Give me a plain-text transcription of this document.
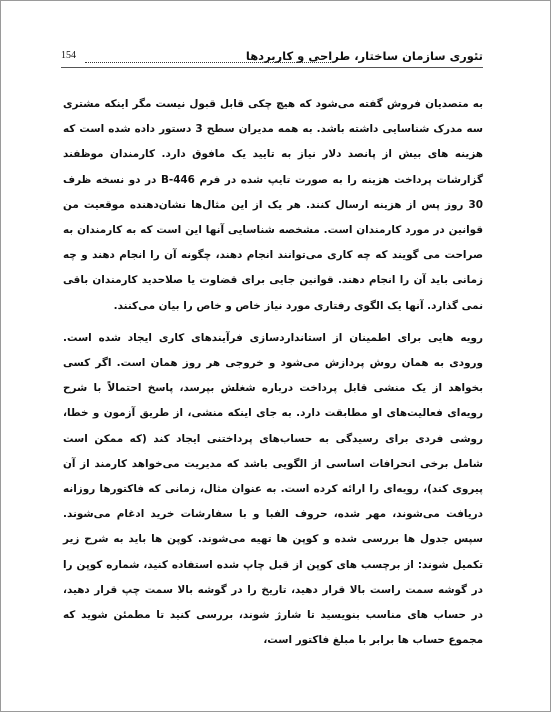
تئوری سازمان ساختار، طراحی و کاربردها
154

به متصدیان فروش گفته می‌شود که هیچ چکی قابل قبول نیست مگر اینکه مشتری سه مدرک شناسایی داشته باشد. به همه مدیران سطح 3 دستور داده شده است که هزینه های بیش از پانصد دلار نیاز به تایید یک مافوق دارد. کارمندان موظفند گزارشات پرداخت هزینه را به صورت تایپ شده در فرم B-446 در دو نسخه ظرف 30 روز پس از هزینه ارسال کنند. هر یک از این مثال‌ها نشان‌دهنده موقعیت من قوانین در مورد کارمندان است. مشخصه شناسایی آنها این است که به کارمندان به صراحت می گویند که چه کاری می‌توانند انجام دهند، چگونه آن را انجام دهند و چه زمانی باید آن را انجام دهند. قوانین جایی برای قضاوت یا صلاحدید کارمندان باقی نمی گذارد. آنها یک الگوی رفتاری مورد نیاز خاص و خاص را بیان می‌کنند.

رویه هایی برای اطمینان از استانداردسازی فرآیندهای کاری ایجاد شده است. ورودی به همان روش پردازش می‌شود و خروجی هر روز همان است. اگر کسی بخواهد از یک منشی قابل پرداخت درباره شغلش بپرسد، پاسخ احتمالاً با شرح رویه‌ای فعالیت‌های او مطابقت دارد. به جای اینکه منشی، از طریق آزمون و خطا، روشی فردی برای رسیدگی به حساب‌های پرداختنی ایجاد کند (که ممکن است شامل برخی انحرافات اساسی از الگویی باشد که مدیریت می‌خواهد کارمند از آن پیروی کند)، رویه‌ای را ارائه کرده است. به عنوان مثال، زمانی که فاکتورها روزانه دریافت می‌شوند، مهر شده، حروف الفبا و با سفارشات خرید ادغام می‌شوند. سپس جدول ها بررسی شده و کوپن ها تهیه می‌شوند. کوپن ها باید به شرح زیر تکمیل شوند: از برچسب های کوپن از قبل چاپ شده استفاده کنید، شماره کوپن را در گوشه سمت راست بالا قرار دهید، تاریخ را در گوشه بالا سمت چپ قرار دهید، در حساب های مناسب بنویسید تا شارژ شوند، بررسی کنید تا مطمئن شوید که مجموع حساب ها برابر با مبلغ فاکتور است،
